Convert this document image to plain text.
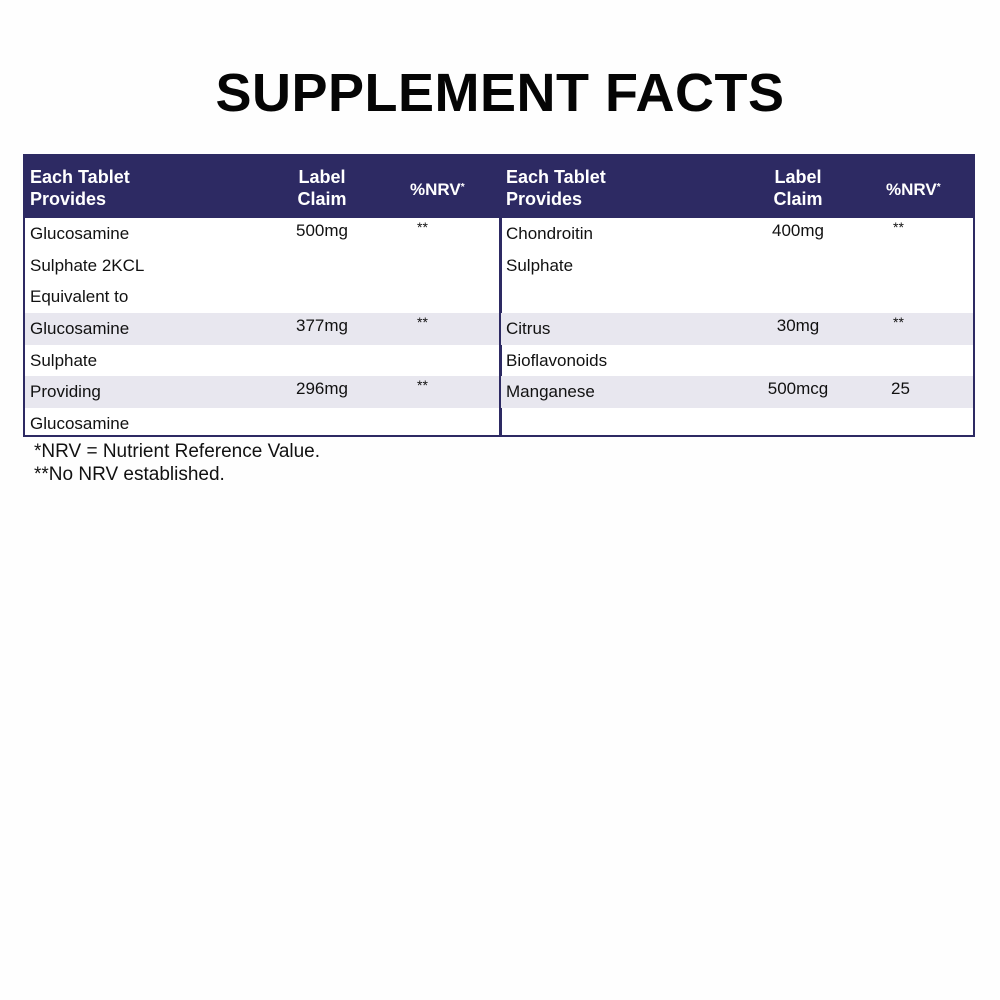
SUPPLEMENT FACTS
Each Tablet
Provides
Label
Claim	%NRV*
Glucosamine	500mg	**
Sulphate 2KCL
Equivalent to
Glucosamine	377mg	**
Sulphate
Providing	296mg	**
Glucosamine
Each Tablet
Provides
Label
Claim	%NRV*
Chondroitin	400mg	**
Sulphate
Citrus	30mg	**
Bioflavonoids
Manganese	500mcg	25
*NRV = Nutrient Reference Value.
**No NRV established.
